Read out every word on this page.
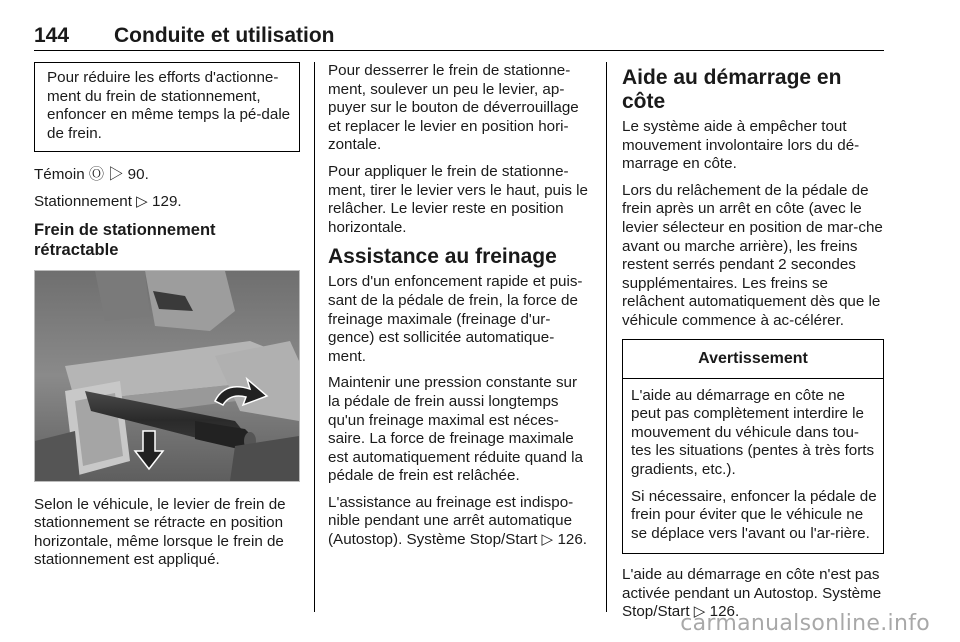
144 Conduite et utilisation

Pour réduire les efforts d'actionne-ment du frein de stationnement, enfoncer en même temps la pé-dale de frein.

Témoin Ⓞ ▷ 90.

Stationnement ▷ 129.

Frein de stationnement rétractable

Selon le véhicule, le levier de frein de stationnement se rétracte en position horizontale, même lorsque le frein de stationnement est appliqué.

Pour desserrer le frein de stationne-ment, soulever un peu le levier, ap-puyer sur le bouton de déverrouillage et replacer le levier en position hori-zontale.

Pour appliquer le frein de stationne-ment, tirer le levier vers le haut, puis le relâcher. Le levier reste en position horizontale.

Assistance au freinage

Lors d'un enfoncement rapide et puis-sant de la pédale de frein, la force de freinage maximale (freinage d'ur-gence) est sollicitée automatique-ment.

Maintenir une pression constante sur la pédale de frein aussi longtemps qu'un freinage maximal est néces-saire. La force de freinage maximale est automatiquement réduite quand la pédale de frein est relâchée.

L'assistance au freinage est indispo-nible pendant une arrêt automatique (Autostop). Système Stop/Start ▷ 126.

Aide au démarrage en côte

Le système aide à empêcher tout mouvement involontaire lors du dé-marrage en côte.

Lors du relâchement de la pédale de frein après un arrêt en côte (avec le levier sélecteur en position de mar-che avant ou marche arrière), les freins restent serrés pendant 2 secondes supplémentaires. Les freins se relâchent automatiquement dès que le véhicule commence à ac-célérer.

Avertissement

L'aide au démarrage en côte ne peut pas complètement interdire le mouvement du véhicule dans tou-tes les situations (pentes à très forts gradients, etc.).

Si nécessaire, enfoncer la pédale de frein pour éviter que le véhicule ne se déplace vers l'avant ou l'ar-rière.

L'aide au démarrage en côte n'est pas activée pendant un Autostop. Système Stop/Start ▷ 126.

carmanualsonline.info
